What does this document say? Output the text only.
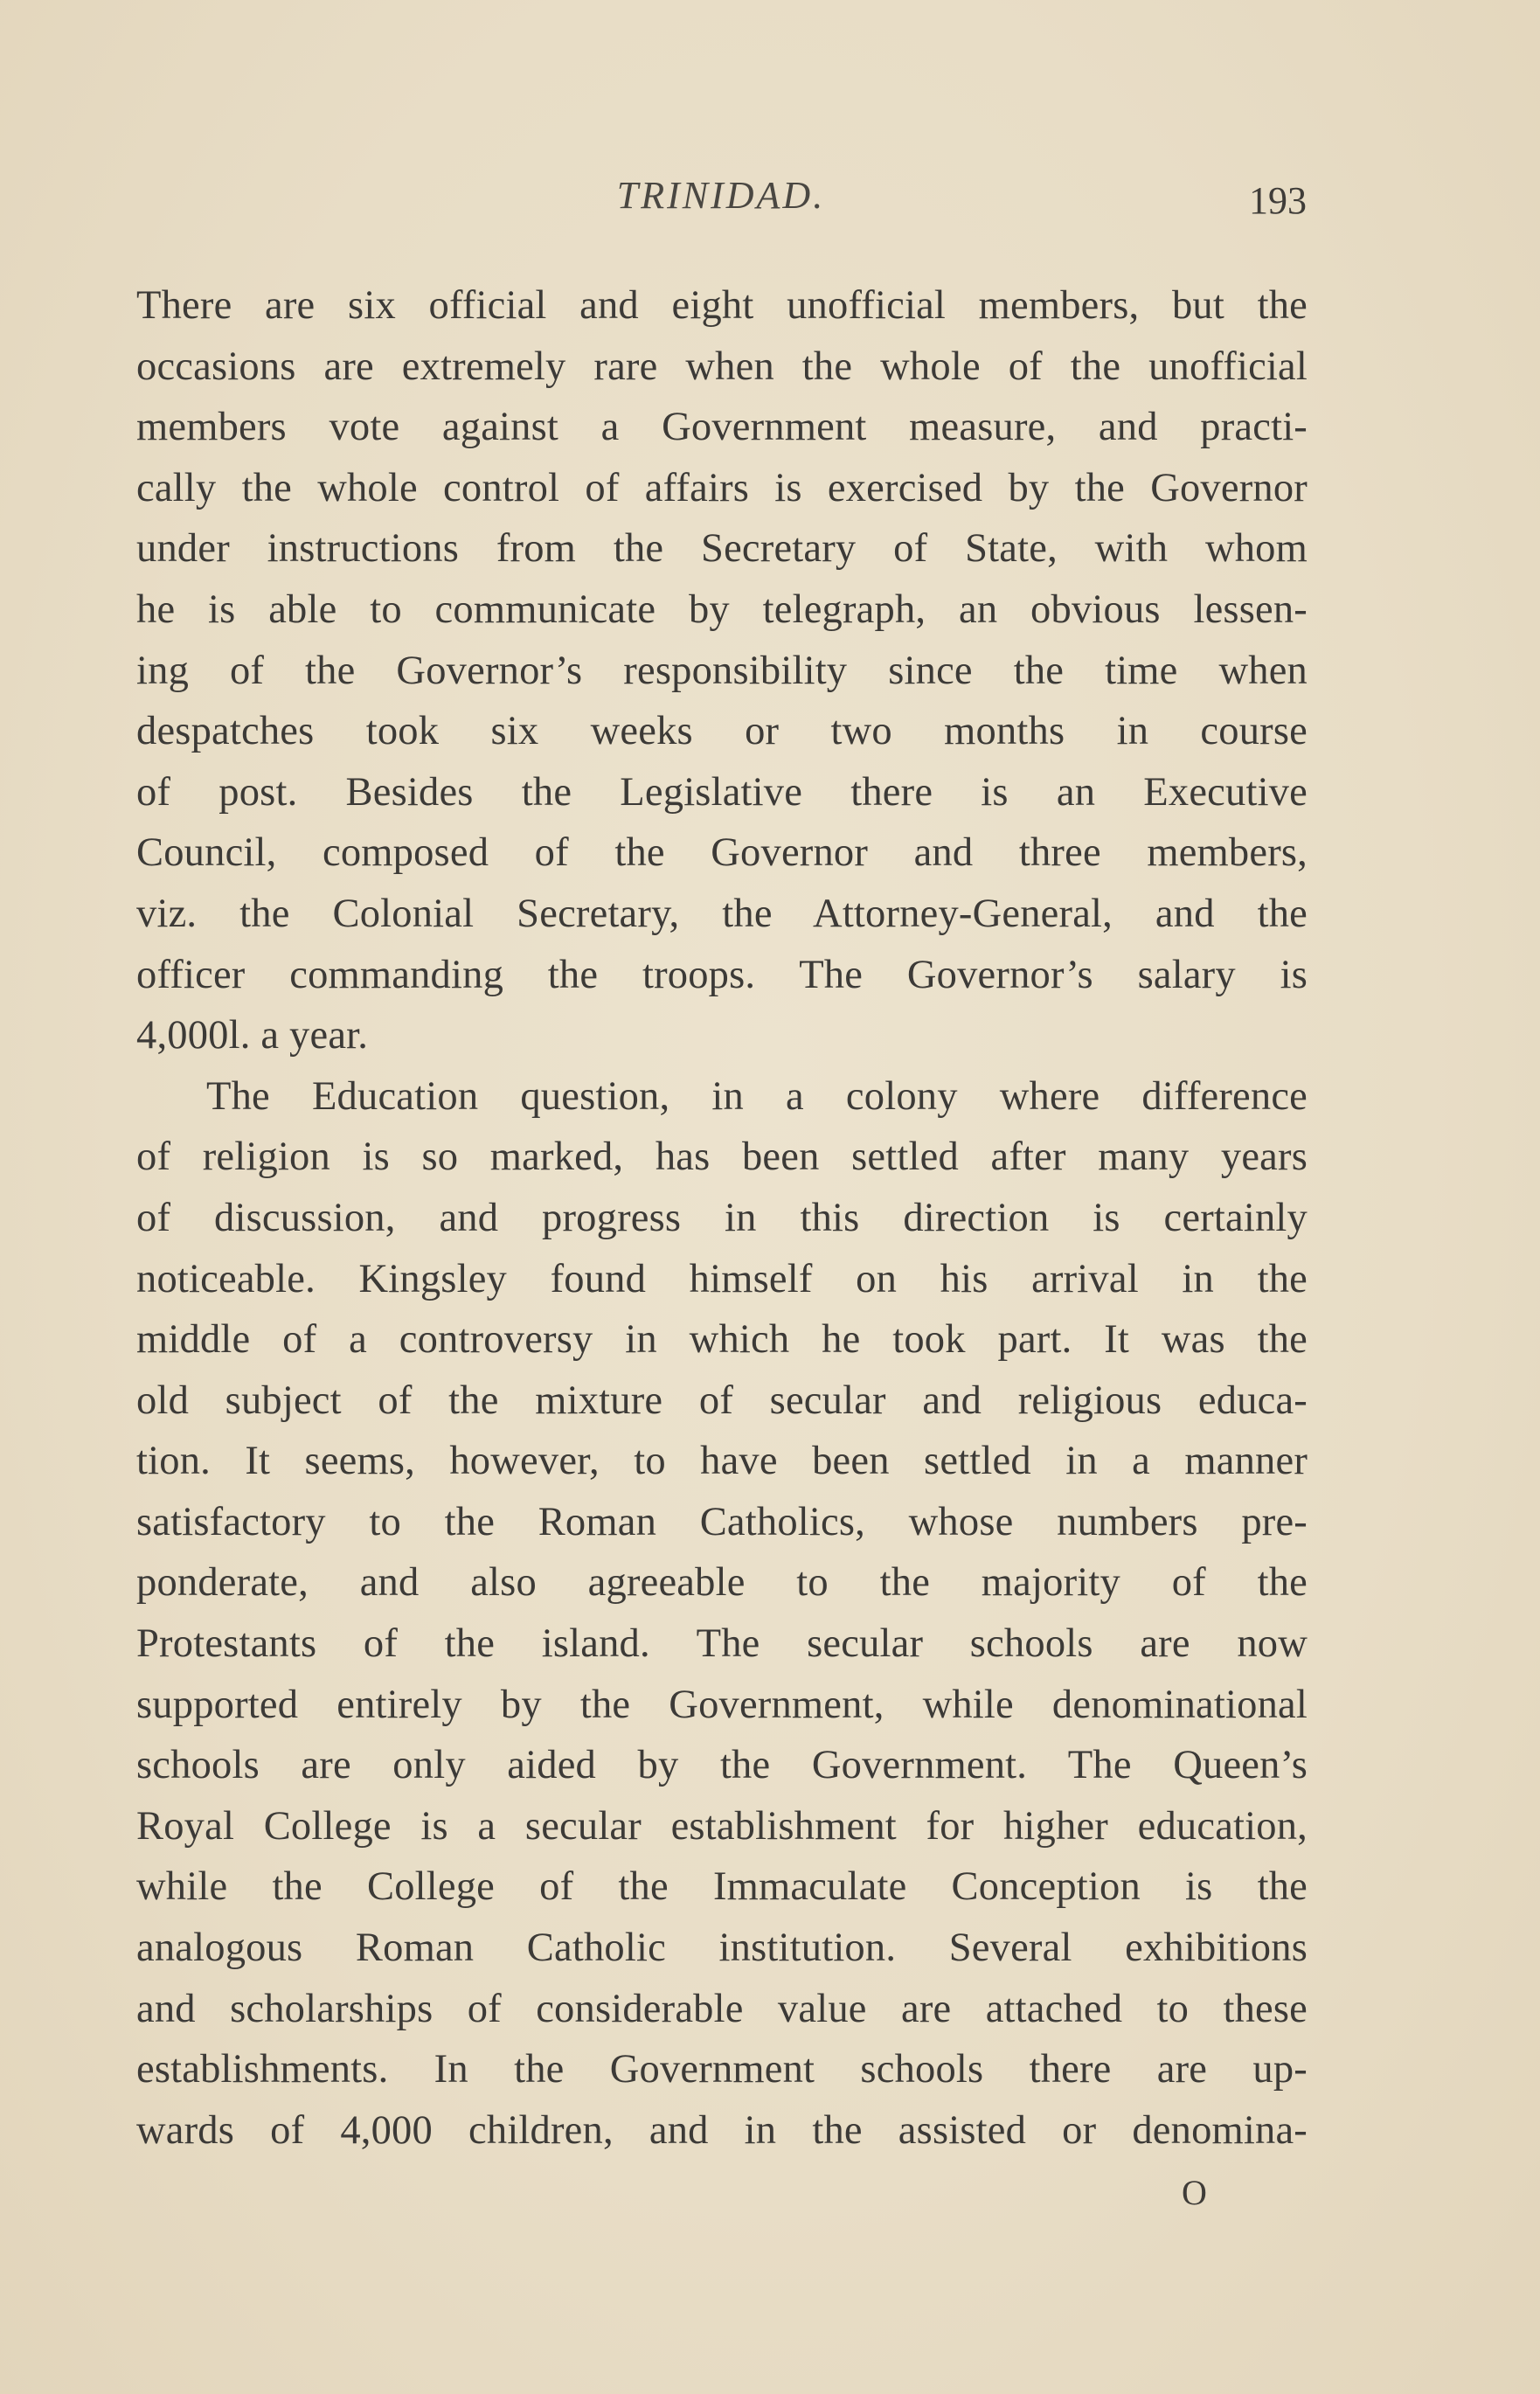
TRINIDAD.	193
There are six official and eight unofficial members, but the
occasions are extremely rare when the whole of the unofficial
members vote against a Government measure, and practi-
cally the whole control of affairs is exercised by the Governor
under instructions from the Secretary of State, with whom
he is able to communicate by telegraph, an obvious lessen-
ing of the Governor’s responsibility since the time when
despatches took six weeks or two months in course
of post. Besides the Legislative there is an Executive
Council, composed of the Governor and three members,
viz. the Colonial Secretary, the Attorney-General, and the
officer commanding the troops. The Governor’s salary is
4,000l. a year.
The Education question, in a colony where difference
of religion is so marked, has been settled after many years
of discussion, and progress in this direction is certainly
noticeable. Kingsley found himself on his arrival in the
middle of a controversy in which he took part. It was the
old subject of the mixture of secular and religious educa-
tion. It seems, however, to have been settled in a manner
satisfactory to the Roman Catholics, whose numbers pre-
ponderate, and also agreeable to the majority of the
Protestants of the island. The secular schools are now
supported entirely by the Government, while denominational
schools are only aided by the Government. The Queen’s
Royal College is a secular establishment for higher education,
while the College of the Immaculate Conception is the
analogous Roman Catholic institution. Several exhibitions
and scholarships of considerable value are attached to these
establishments. In the Government schools there are up-
wards of 4,000 children, and in the assisted or denomina-
O
